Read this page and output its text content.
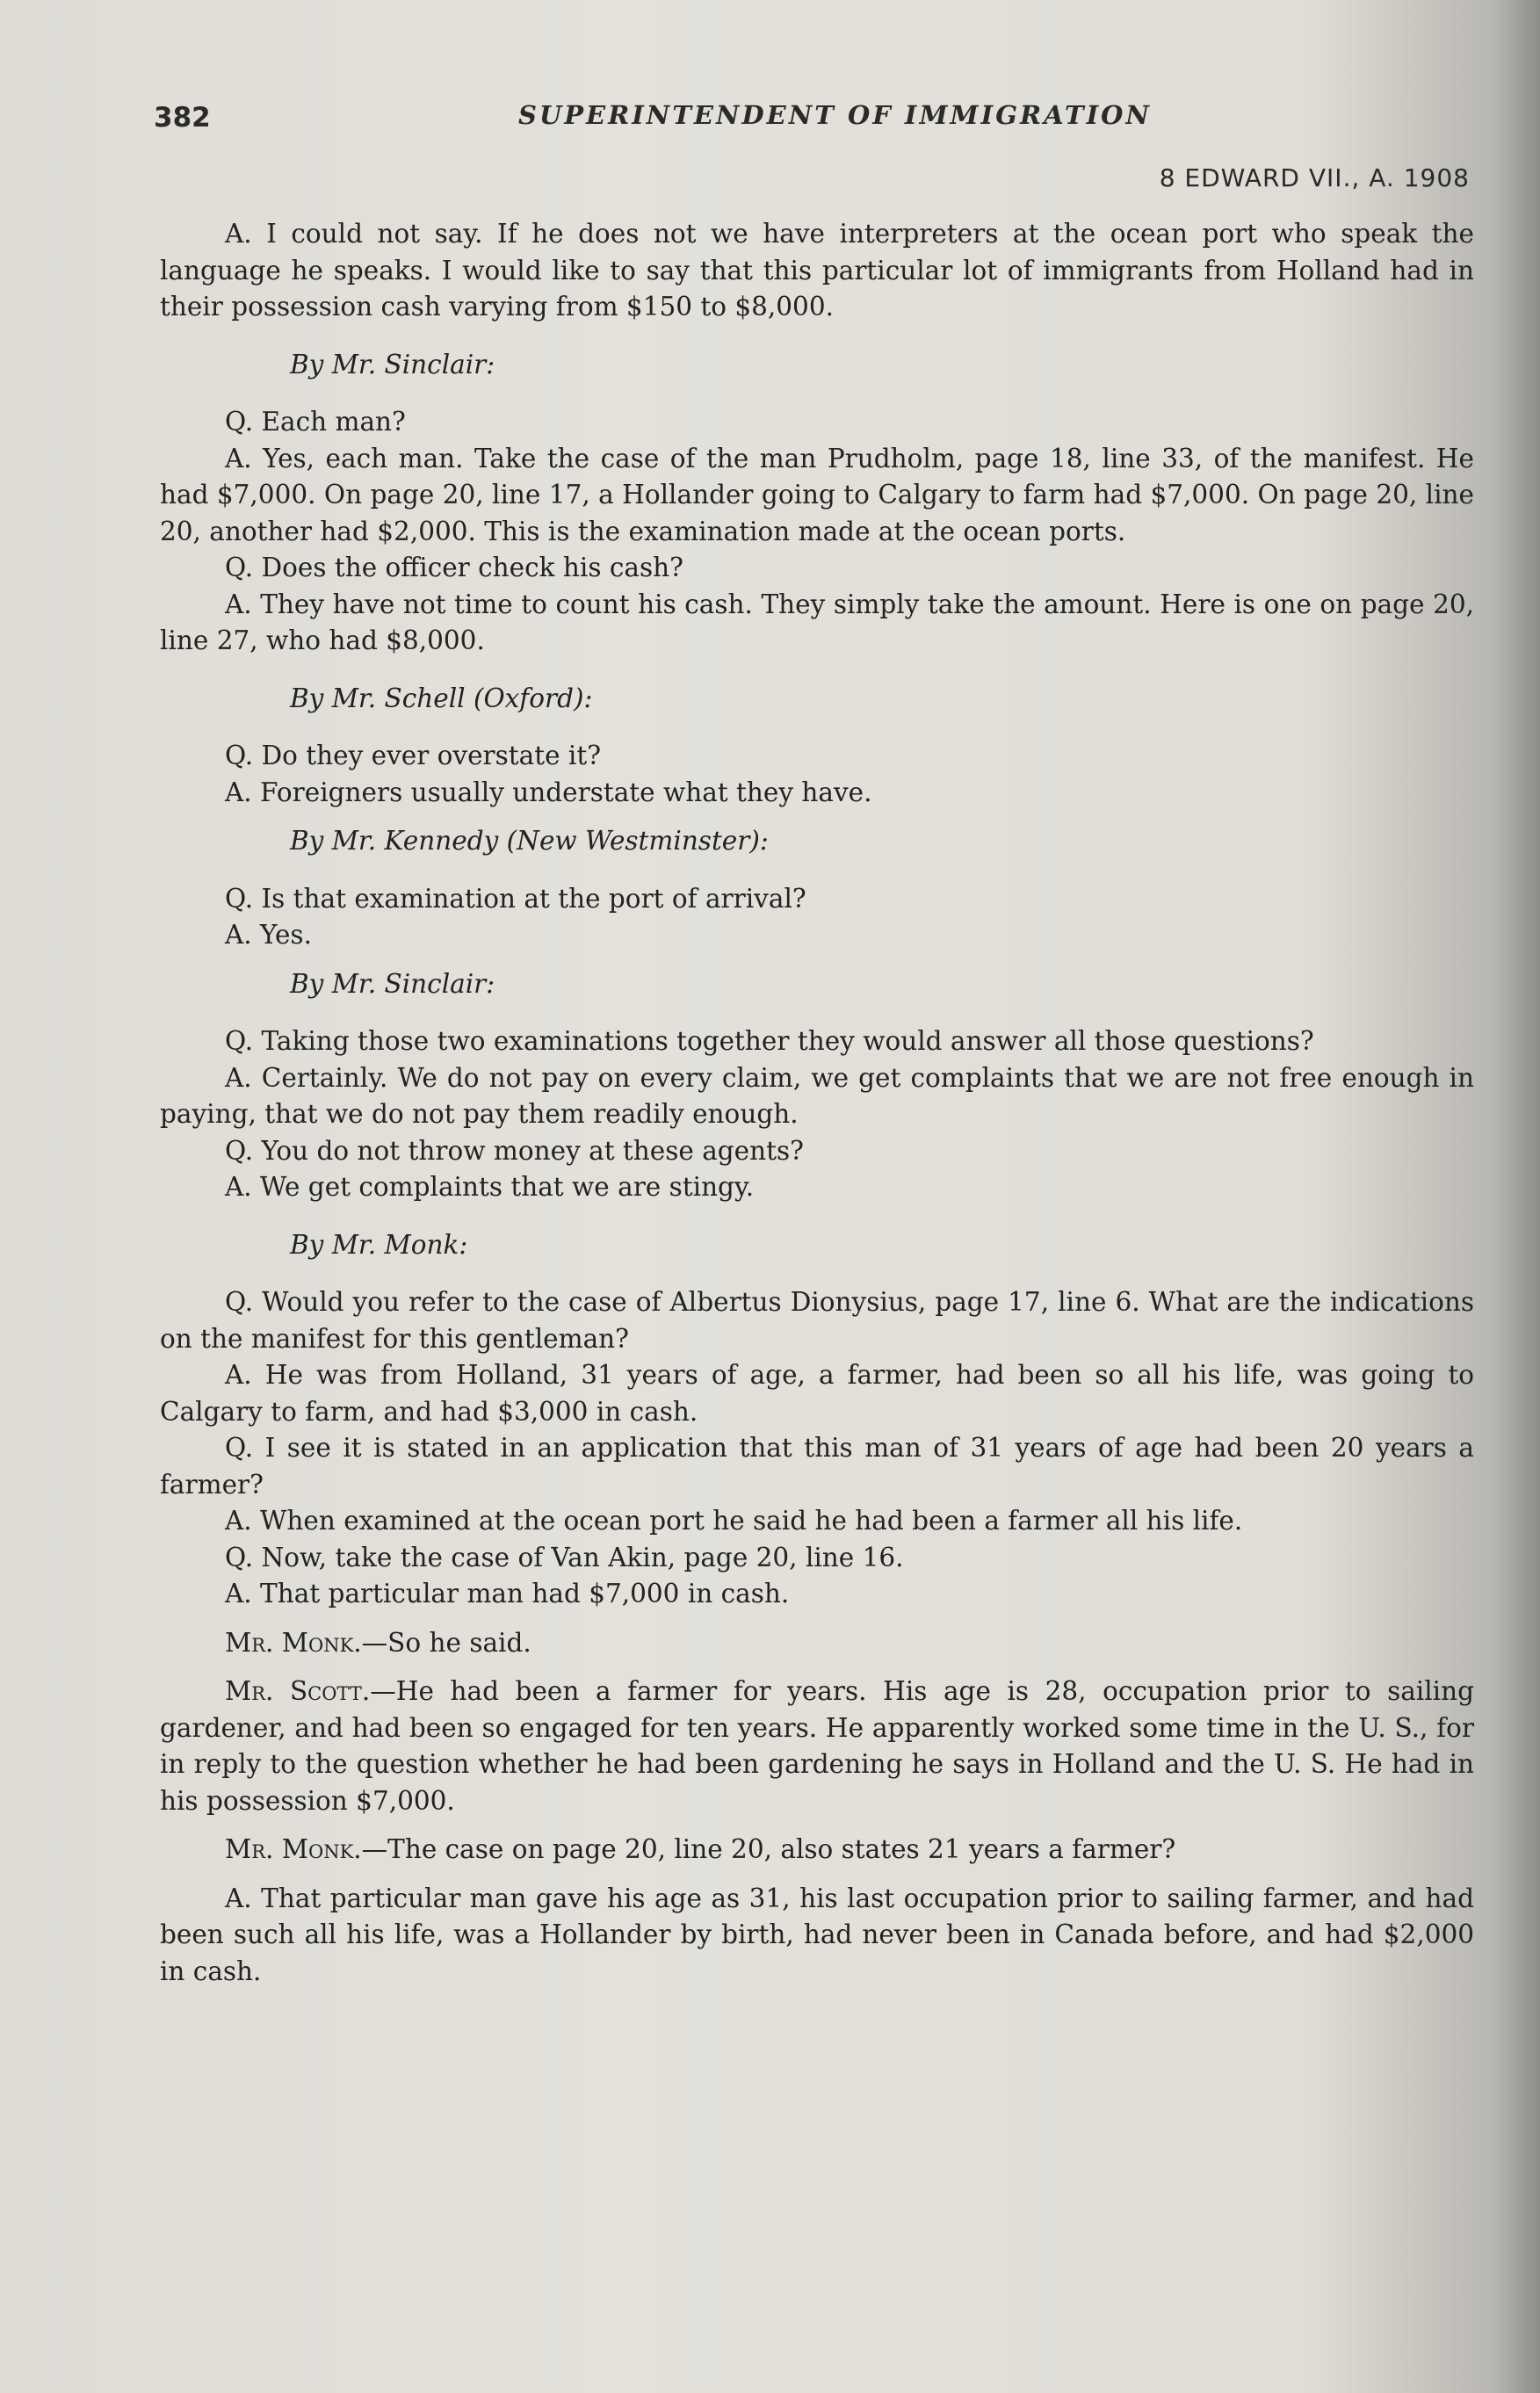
382	SUPERINTENDENT OF IMMIGRATION
8 EDWARD VII., A. 1908

A. I could not say. If he does not we have interpreters at the ocean port who speak the language he speaks. I would like to say that this particular lot of immigrants from Holland had in their possession cash varying from $150 to $8,000.

By Mr. Sinclair:

Q. Each man?

A. Yes, each man. Take the case of the man Prudholm, page 18, line 33, of the manifest. He had $7,000. On page 20, line 17, a Hollander going to Calgary to farm had $7,000. On page 20, line 20, another had $2,000. This is the examination made at the ocean ports.

Q. Does the officer check his cash?

A. They have not time to count his cash. They simply take the amount. Here is one on page 20, line 27, who had $8,000.

By Mr. Schell (Oxford):

Q. Do they ever overstate it?

A. Foreigners usually understate what they have.

By Mr. Kennedy (New Westminster):

Q. Is that examination at the port of arrival?

A. Yes.

By Mr. Sinclair:

Q. Taking those two examinations together they would answer all those questions?

A. Certainly. We do not pay on every claim, we get complaints that we are not free enough in paying, that we do not pay them readily enough.

Q. You do not throw money at these agents?

A. We get complaints that we are stingy.

By Mr. Monk:

Q. Would you refer to the case of Albertus Dionysius, page 17, line 6. What are the indications on the manifest for this gentleman?

A. He was from Holland, 31 years of age, a farmer, had been so all his life, was going to Calgary to farm, and had $3,000 in cash.

Q. I see it is stated in an application that this man of 31 years of age had been 20 years a farmer?

A. When examined at the ocean port he said he had been a farmer all his life.

Q. Now, take the case of Van Akin, page 20, line 16.

A. That particular man had $7,000 in cash.

Mr. Monk.—So he said.

Mr. Scott.—He had been a farmer for years. His age is 28, occupation prior to sailing gardener, and had been so engaged for ten years. He apparently worked some time in the U. S., for in reply to the question whether he had been gardening he says in Holland and the U. S. He had in his possession $7,000.

Mr. Monk.—The case on page 20, line 20, also states 21 years a farmer?

A. That particular man gave his age as 31, his last occupation prior to sailing farmer, and had been such all his life, was a Hollander by birth, had never been in Canada before, and had $2,000 in cash.
